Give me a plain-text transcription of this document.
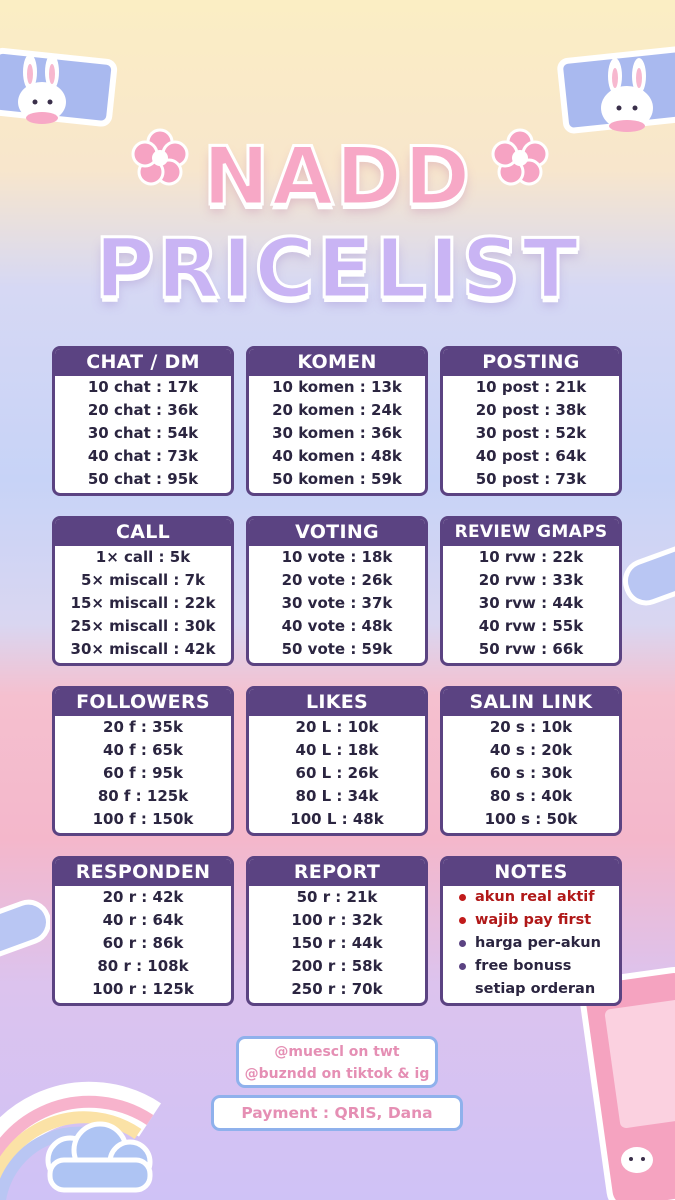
NADD
PRICELIST
CHAT / DM
10 chat : 17k
20 chat : 36k
30 chat : 54k
40 chat : 73k
50 chat : 95k
KOMEN
10 komen : 13k
20 komen : 24k
30 komen : 36k
40 komen : 48k
50 komen : 59k
POSTING
10 post : 21k
20 post : 38k
30 post : 52k
40 post : 64k
50 post : 73k
CALL
1× call : 5k
5× miscall : 7k
15× miscall : 22k
25× miscall : 30k
30× miscall : 42k
VOTING
10 vote : 18k
20 vote : 26k
30 vote : 37k
40 vote : 48k
50 vote : 59k
REVIEW GMAPS
10 rvw : 22k
20 rvw : 33k
30 rvw : 44k
40 rvw : 55k
50 rvw : 66k
FOLLOWERS
20 f : 35k
40 f : 65k
60 f : 95k
80 f : 125k
100 f : 150k
LIKES
20 L : 10k
40 L : 18k
60 L : 26k
80 L : 34k
100 L : 48k
SALIN LINK
20 s : 10k
40 s : 20k
60 s : 30k
80 s : 40k
100 s : 50k
RESPONDEN
20 r : 42k
40 r : 64k
60 r : 86k
80 r : 108k
100 r : 125k
REPORT
50 r : 21k
100 r : 32k
150 r : 44k
200 r : 58k
250 r : 70k
NOTES
akun real aktif
wajib pay first
harga per-akun
free bonuss
setiap orderan
@muescl on twt
@buzndd on tiktok & ig
Payment : QRIS, Dana
